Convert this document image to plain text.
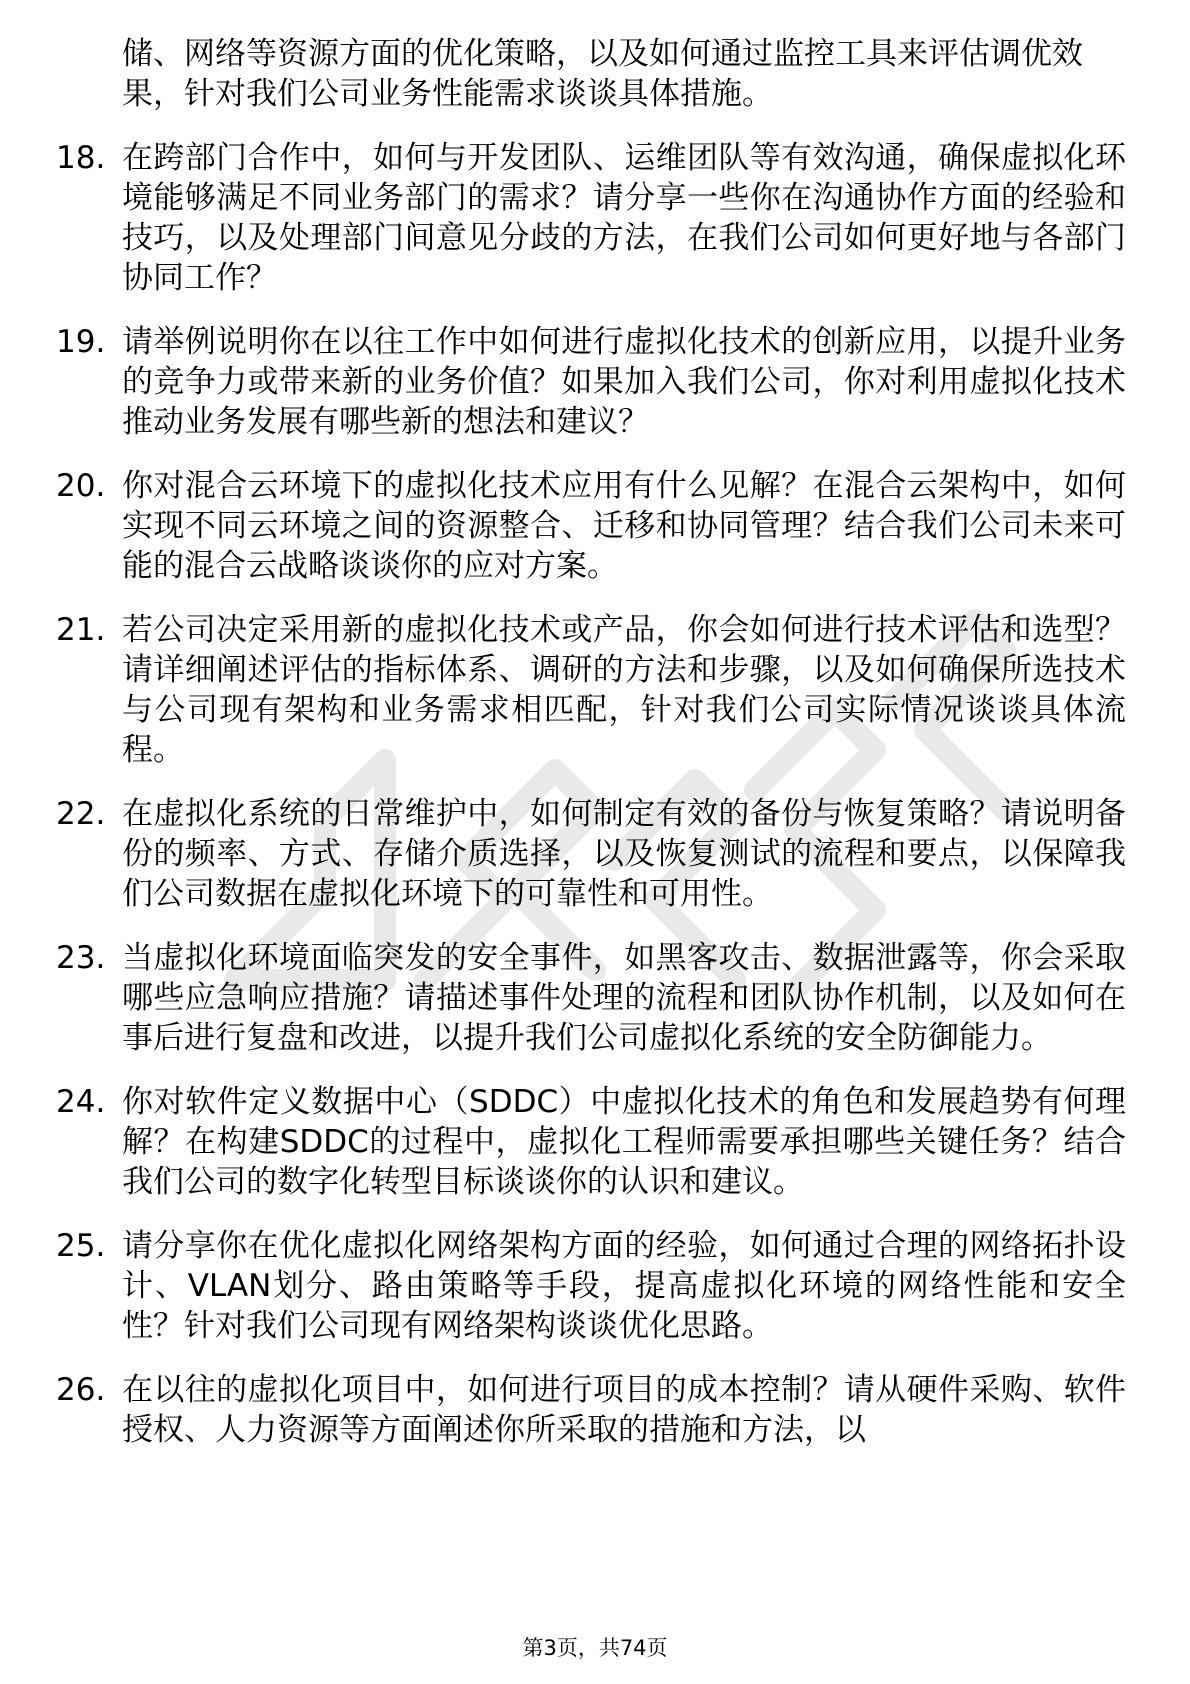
储、网络等资源方面的优化策略，以及如何通过监控工具来评估调优效果，针对我们公司业务性能需求谈谈具体措施。
18. 在跨部门合作中，如何与开发团队、运维团队等有效沟通，确保虚拟化环境能够满足不同业务部门的需求？请分享一些你在沟通协作方面的经验和技巧，以及处理部门间意见分歧的方法，在我们公司如何更好地与各部门协同工作？
19. 请举例说明你在以往工作中如何进行虚拟化技术的创新应用，以提升业务的竞争力或带来新的业务价值？如果加入我们公司，你对利用虚拟化技术推动业务发展有哪些新的想法和建议？
20. 你对混合云环境下的虚拟化技术应用有什么见解？在混合云架构中，如何实现不同云环境之间的资源整合、迁移和协同管理？结合我们公司未来可能的混合云战略谈谈你的应对方案。
21. 若公司决定采用新的虚拟化技术或产品，你会如何进行技术评估和选型？请详细阐述评估的指标体系、调研的方法和步骤，以及如何确保所选技术与公司现有架构和业务需求相匹配，针对我们公司实际情况谈谈具体流程。
22. 在虚拟化系统的日常维护中，如何制定有效的备份与恢复策略？请说明备份的频率、方式、存储介质选择，以及恢复测试的流程和要点，以保障我们公司数据在虚拟化环境下的可靠性和可用性。
23. 当虚拟化环境面临突发的安全事件，如黑客攻击、数据泄露等，你会采取哪些应急响应措施？请描述事件处理的流程和团队协作机制，以及如何在事后进行复盘和改进，以提升我们公司虚拟化系统的安全防御能力。
24. 你对软件定义数据中心（SDDC）中虚拟化技术的角色和发展趋势有何理解？在构建SDDC的过程中，虚拟化工程师需要承担哪些关键任务？结合我们公司的数字化转型目标谈谈你的认识和建议。
25. 请分享你在优化虚拟化网络架构方面的经验，如何通过合理的网络拓扑设计、VLAN划分、路由策略等手段，提高虚拟化环境的网络性能和安全性？针对我们公司现有网络架构谈谈优化思路。
26. 在以往的虚拟化项目中，如何进行项目的成本控制？请从硬件采购、软件授权、人力资源等方面阐述你所采取的措施和方法，以
第3页，共74页
